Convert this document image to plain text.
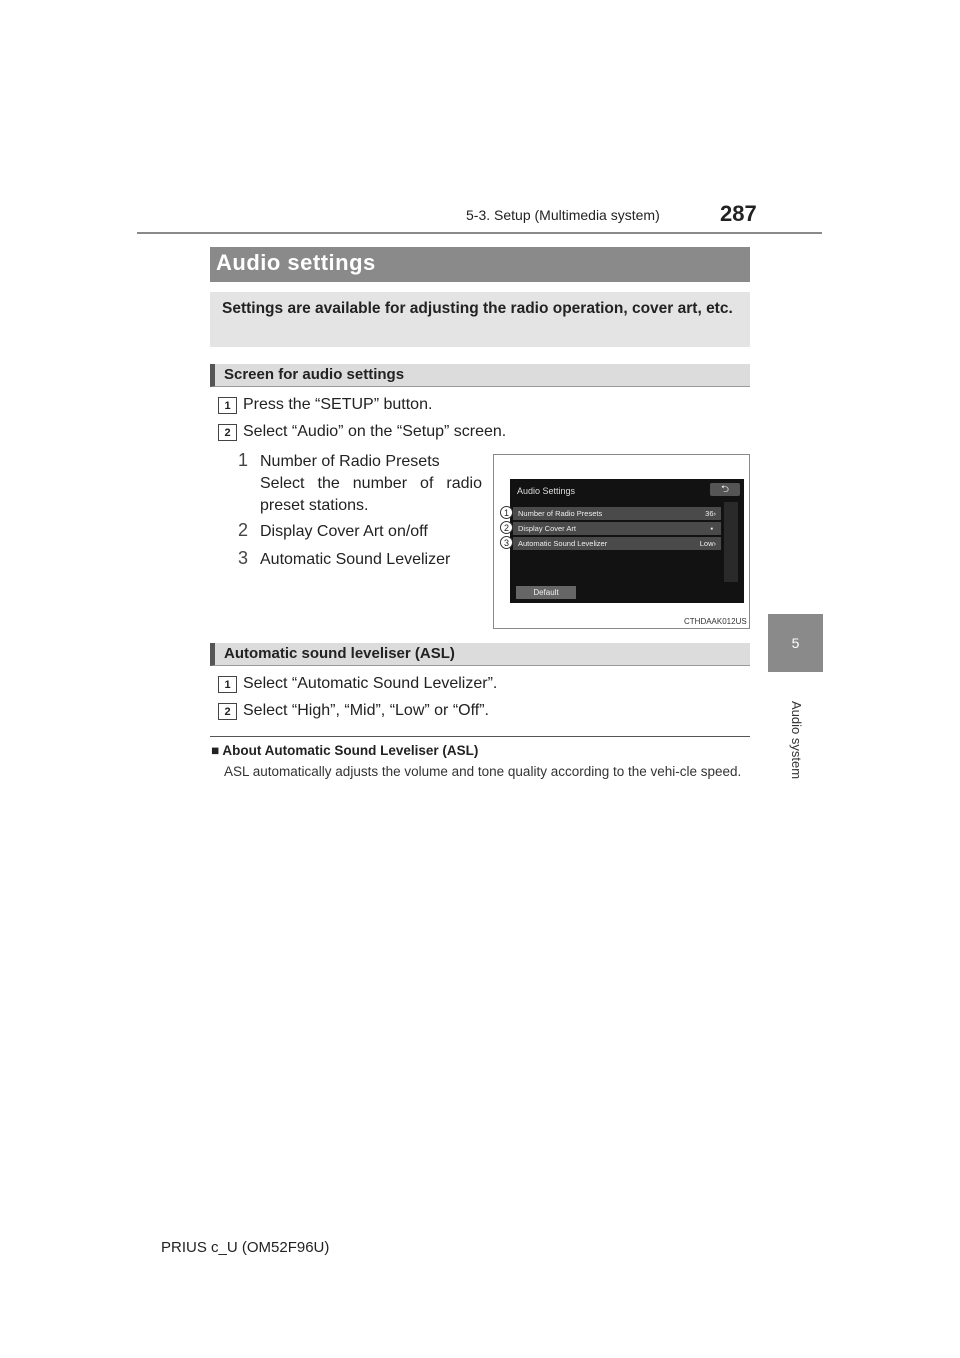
5-3. Setup (Multimedia system)	287
5
Audio system
Audio settings
Settings are available for adjusting the radio operation, cover art, etc.
Screen for audio settings
1 Press the “SETUP” button.
2 Select “Audio” on the “Setup” screen.
1 Number of Radio Presets
Select the number of radio
preset stations.
2 Display Cover Art on/off
3 Automatic Sound Levelizer
Audio Settings	⮌
Number of Radio Presets	36›
Display Cover Art	▪
Automatic Sound Levelizer	Low›
Default
1
2
3
CTHDAAK012US
Automatic sound leveliser (ASL)
1 Select “Automatic Sound Levelizer”.
2 Select “High”, “Mid”, “Low” or “Off”.
■ About Automatic Sound Leveliser (ASL)
ASL automatically adjusts the volume and tone quality according to the vehi-cle speed.
PRIUS c_U (OM52F96U)
